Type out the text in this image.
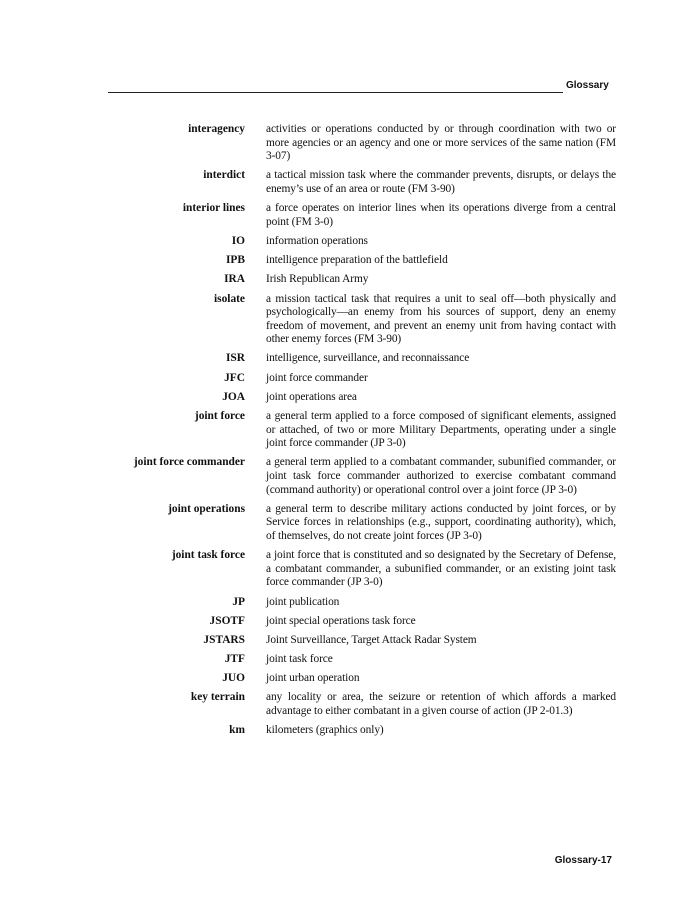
Glossary
interagency activities or operations conducted by or through coordination with two or more agencies or an agency and one or more services of the same nation (FM 3-07)
interdict a tactical mission task where the commander prevents, disrupts, or delays the enemy’s use of an area or route (FM 3-90)
interior lines a force operates on interior lines when its operations diverge from a central point (FM 3-0)
IO information operations
IPB intelligence preparation of the battlefield
IRA Irish Republican Army
isolate a mission tactical task that requires a unit to seal off—both physically and psychologically—an enemy from his sources of support, deny an enemy freedom of movement, and prevent an enemy unit from having contact with other enemy forces (FM 3-90)
ISR intelligence, surveillance, and reconnaissance
JFC joint force commander
JOA joint operations area
joint force a general term applied to a force composed of significant elements, assigned or attached, of two or more Military Departments, operating under a single joint force commander (JP 3-0)
joint force commander a general term applied to a combatant commander, subunified commander, or joint task force commander authorized to exercise combatant command (command authority) or operational control over a joint force (JP 3-0)
joint operations a general term to describe military actions conducted by joint forces, or by Service forces in relationships (e.g., support, coordinating authority), which, of themselves, do not create joint forces (JP 3-0)
joint task force a joint force that is constituted and so designated by the Secretary of Defense, a combatant commander, a subunified commander, or an existing joint task force commander (JP 3-0)
JP joint publication
JSOTF joint special operations task force
JSTARS Joint Surveillance, Target Attack Radar System
JTF joint task force
JUO joint urban operation
key terrain any locality or area, the seizure or retention of which affords a marked advantage to either combatant in a given course of action (JP 2-01.3)
km kilometers (graphics only)
Glossary-17
